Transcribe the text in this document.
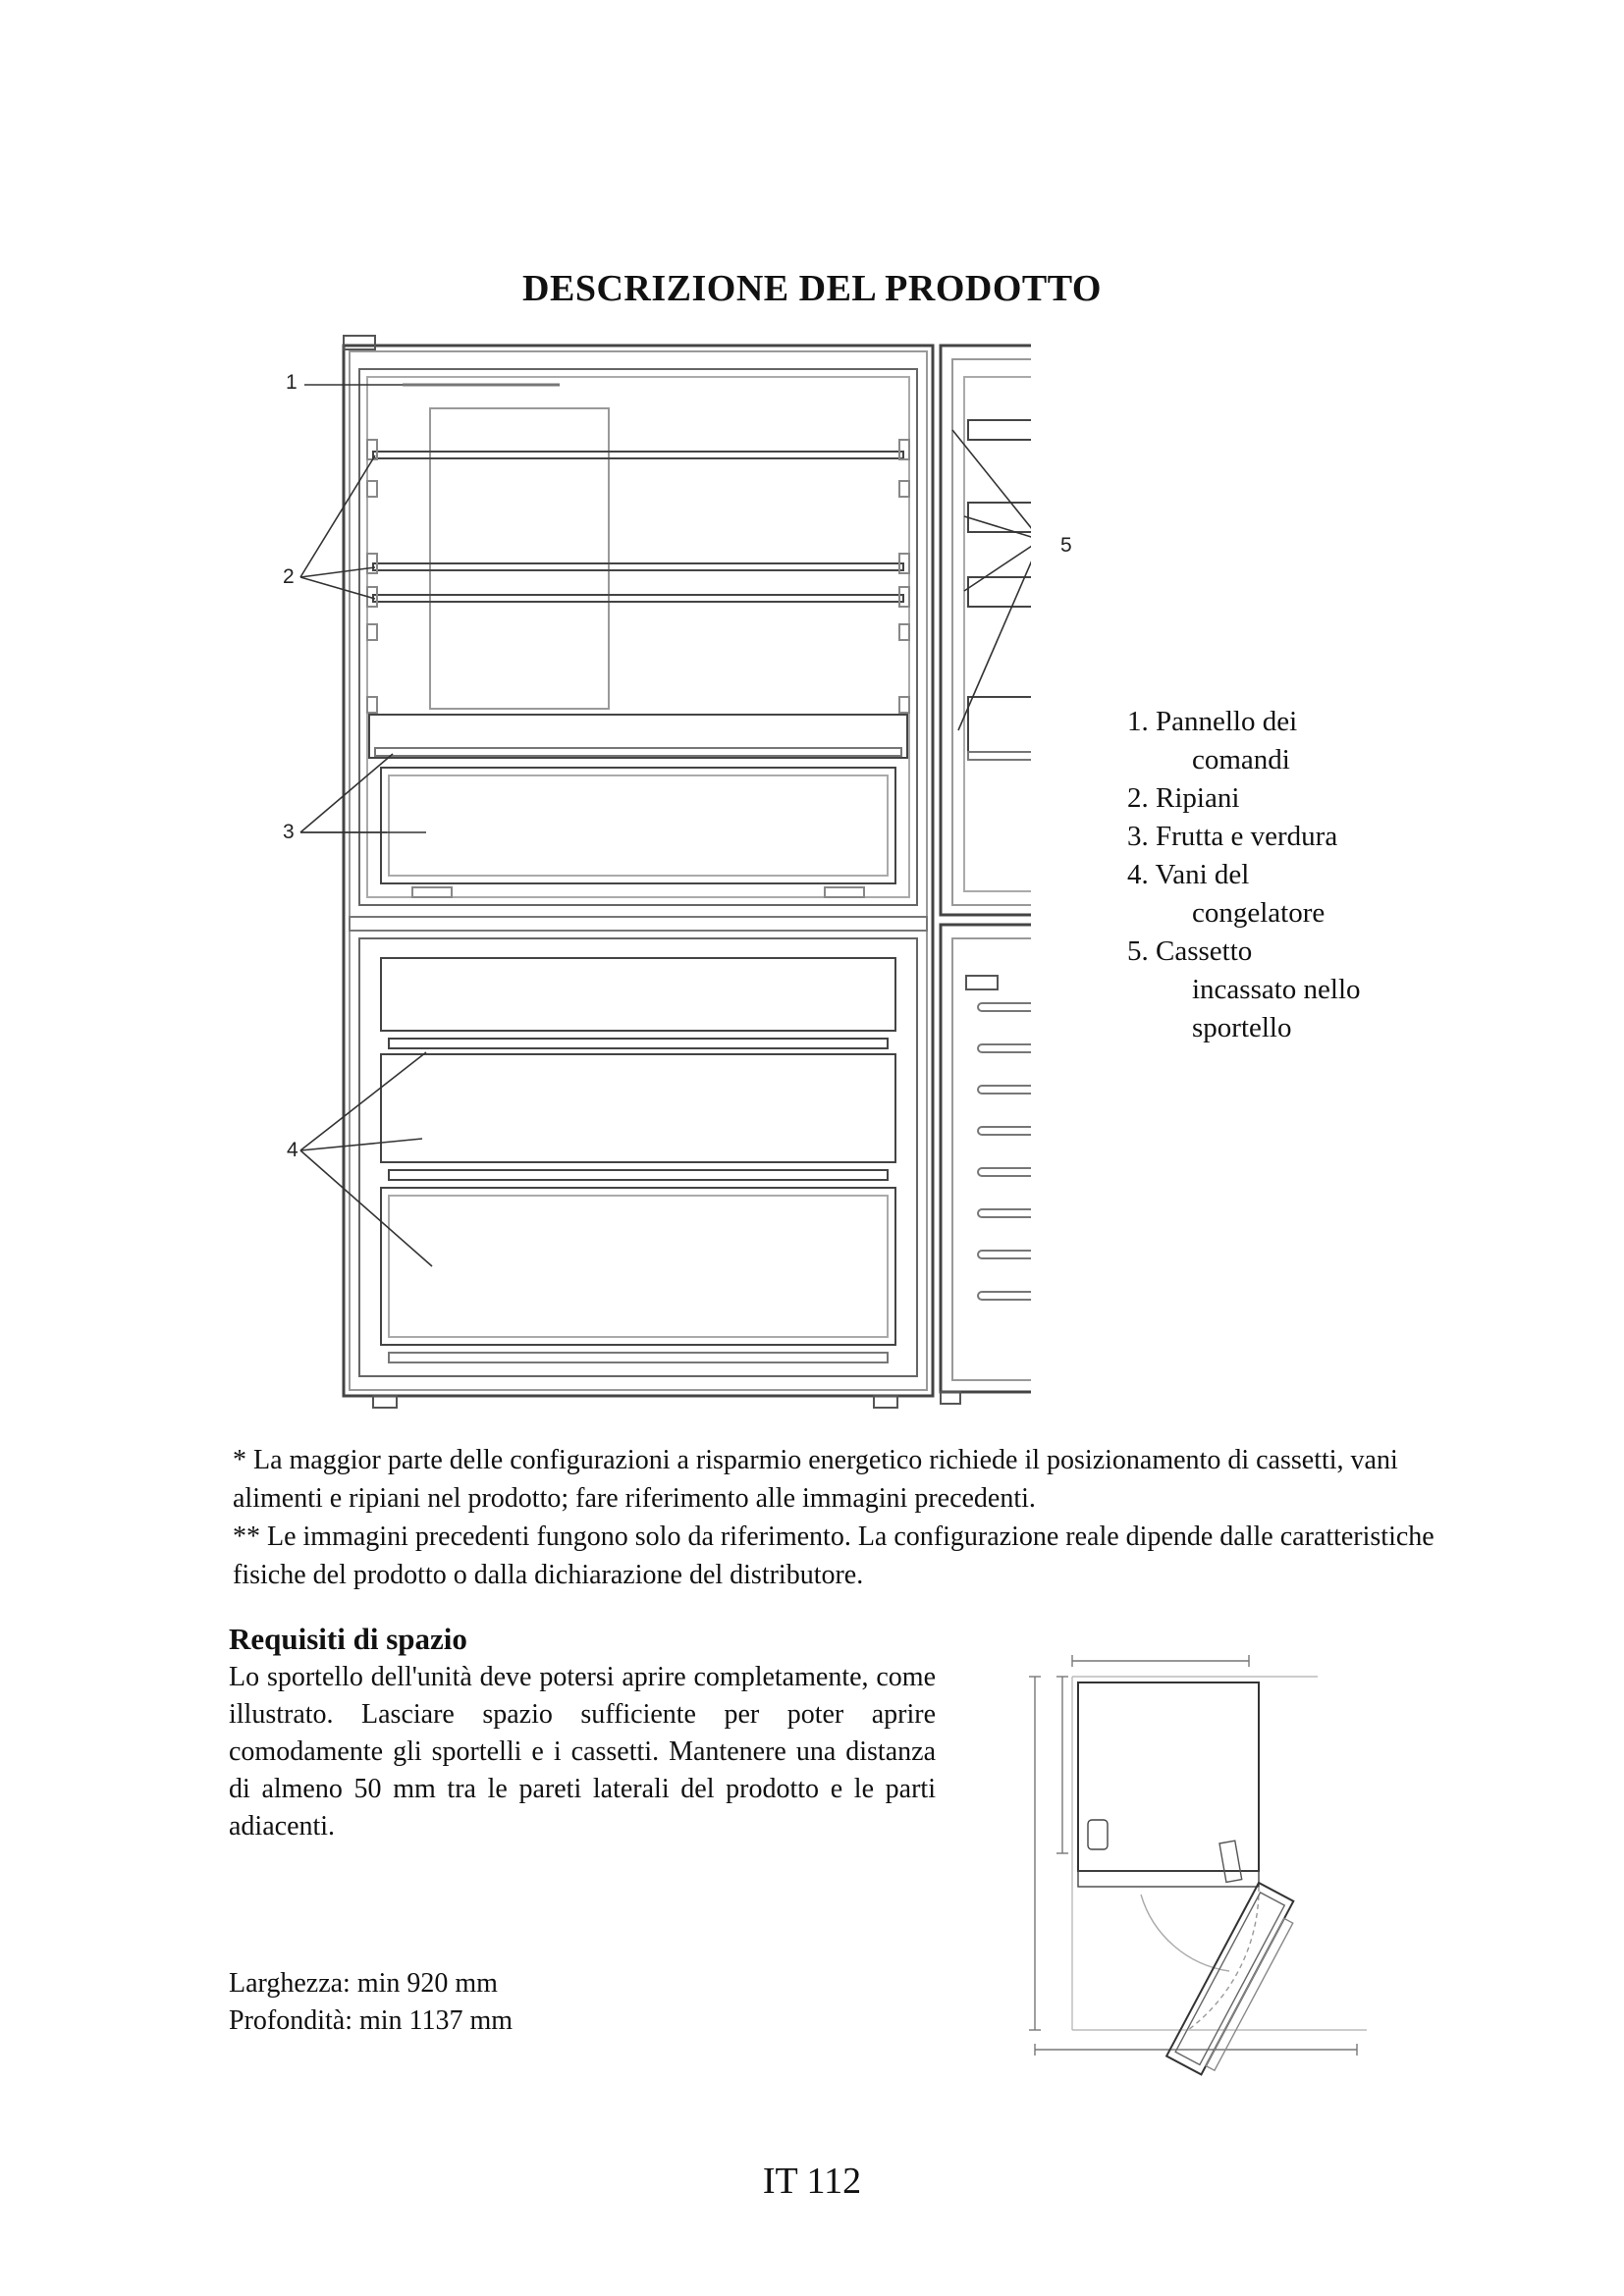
DESCRIZIONE DEL PRODOTTO
1
2
3
4
5
1. Pannello dei
comandi
2. Ripiani
3. Frutta e verdura
4. Vani del
congelatore
5. Cassetto
incassato nello
sportello

* La maggior parte delle configurazioni a risparmio energetico richiede il posizionamento di cassetti, vani alimenti e ripiani nel prodotto; fare riferimento alle immagini precedenti.

** Le immagini precedenti fungono solo da riferimento. La configurazione reale dipende dalle caratteristiche fisiche del prodotto o dalla dichiarazione del distributore.

Requisiti di spazio

Lo sportello dell'unità deve potersi aprire completamente, come illustrato. Lasciare spazio sufficiente per poter aprire comodamente gli sportelli e i cassetti. Mantenere una distanza di almeno 50 mm tra le pareti laterali del prodotto e le parti adiacenti.

Larghezza: min 920 mm
Profondità: min 1137 mm
IT 112
